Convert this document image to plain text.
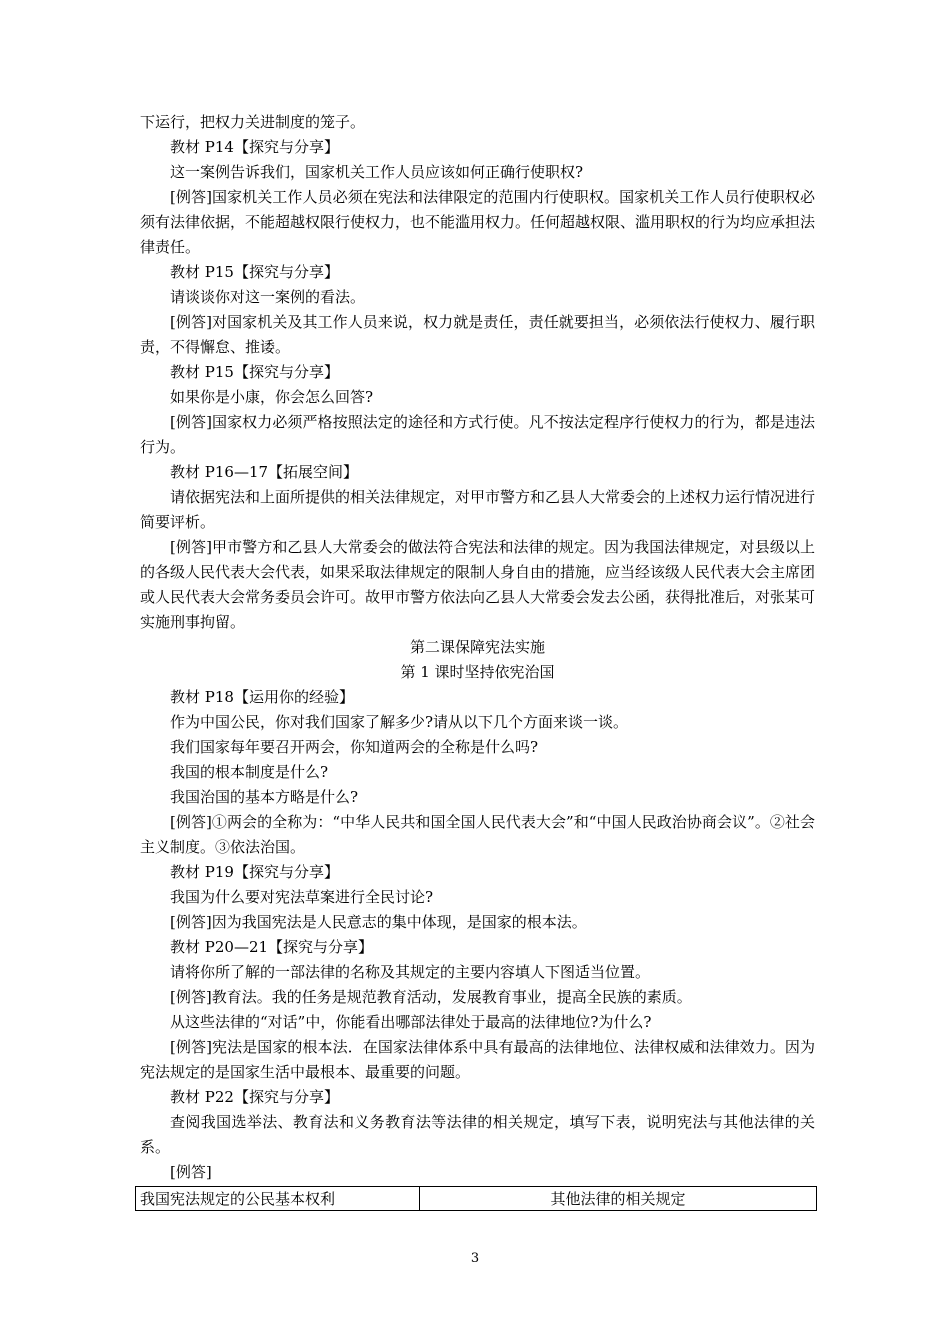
下运行，把权力关进制度的笼子。

教材 P14【探究与分享】

这一案例告诉我们，国家机关工作人员应该如何正确行使职权?

[例答]国家机关工作人员必须在宪法和法律限定的范围内行使职权。国家机关工作人员行使职权必须有法律依据，不能超越权限行使权力，也不能滥用权力。任何超越权限、滥用职权的行为均应承担法律责任。

教材 P15【探究与分享】

请谈谈你对这一案例的看法。

[例答]对国家机关及其工作人员来说，权力就是责任，责任就要担当，必须依法行使权力、履行职责，不得懈怠、推诿。

教材 P15【探究与分享】

如果你是小康，你会怎么回答?

[例答]国家权力必须严格按照法定的途径和方式行使。凡不按法定程序行使权力的行为，都是违法行为。

教材 P16—17【拓展空间】

请依据宪法和上面所提供的相关法律规定，对甲市警方和乙县人大常委会的上述权力运行情况进行简要评析。

[例答]甲市警方和乙县人大常委会的做法符合宪法和法律的规定。因为我国法律规定，对县级以上的各级人民代表大会代表，如果采取法律规定的限制人身自由的措施，应当经该级人民代表大会主席团或人民代表大会常务委员会许可。故甲市警方依法向乙县人大常委会发去公函，获得批准后，对张某可实施刑事拘留。

第二课保障宪法实施

第 1 课时坚持依宪治国

教材 P18【运用你的经验】

作为中国公民，你对我们国家了解多少?请从以下几个方面来谈一谈。

我们国家每年要召开两会，你知道两会的全称是什么吗?

我国的根本制度是什么?

我国治国的基本方略是什么?

[例答]①两会的全称为：“中华人民共和国全国人民代表大会”和“中国人民政治协商会议”。②社会主义制度。③依法治国。

教材 P19【探究与分享】

我国为什么要对宪法草案进行全民讨论?

[例答]因为我国宪法是人民意志的集中体现，是国家的根本法。

教材 P20—21【探究与分享】

请将你所了解的一部法律的名称及其规定的主要内容填人下图适当位置。

[例答]教育法。我的任务是规范教育活动，发展教育事业，提高全民族的素质。

从这些法律的“对话”中，你能看出哪部法律处于最高的法律地位?为什么?

[例答]宪法是国家的根本法．在国家法律体系中具有最高的法律地位、法律权威和法律效力。因为宪法规定的是国家生活中最根本、最重要的问题。

教材 P22【探究与分享】

查阅我国选举法、教育法和义务教育法等法律的相关规定，填写下表，说明宪法与其他法律的关系。

[例答]

我国宪法规定的公民基本权利	其他法律的相关规定
3
